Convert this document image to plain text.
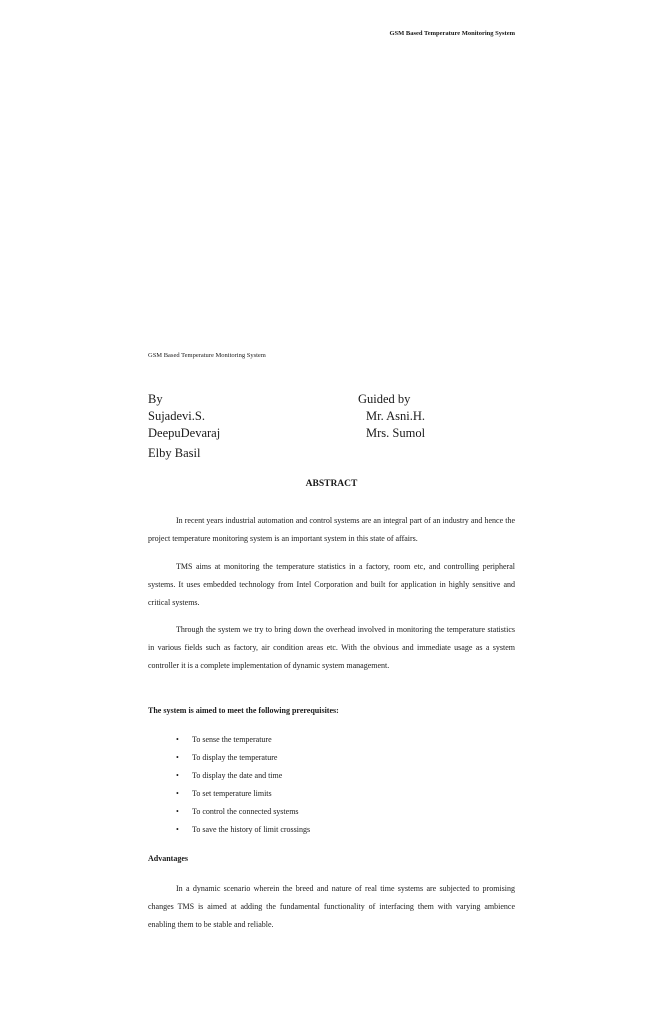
GSM Based Temperature Monitoring System
GSM Based Temperature Monitoring System
By
Sujadevi.S.
DeepuDevaraj
Elby Basil
Guided by
Mr. Asni.H.
Mrs. Sumol
ABSTRACT
In recent years industrial automation and control systems are an integral part of an industry and hence the project temperature monitoring system is an important system in this state of affairs.
TMS aims at monitoring the temperature statistics in a factory, room etc, and controlling peripheral systems. It uses embedded technology from Intel Corporation and built for application in highly sensitive and critical systems.
Through the system we try to bring down the overhead involved in monitoring the temperature statistics in various fields such as factory, air condition areas etc. With the obvious and immediate usage as a system controller it is a complete implementation of dynamic system management.
The system is aimed to meet the following prerequisites:
• To sense the temperature
• To display the temperature
• To display the date and time
• To set temperature limits
• To control the connected systems
• To save the history of limit crossings
Advantages
In a dynamic scenario wherein the breed and nature of real time systems are subjected to promising changes TMS is aimed at adding the fundamental functionality of interfacing them with varying ambience enabling them to be stable and reliable.
